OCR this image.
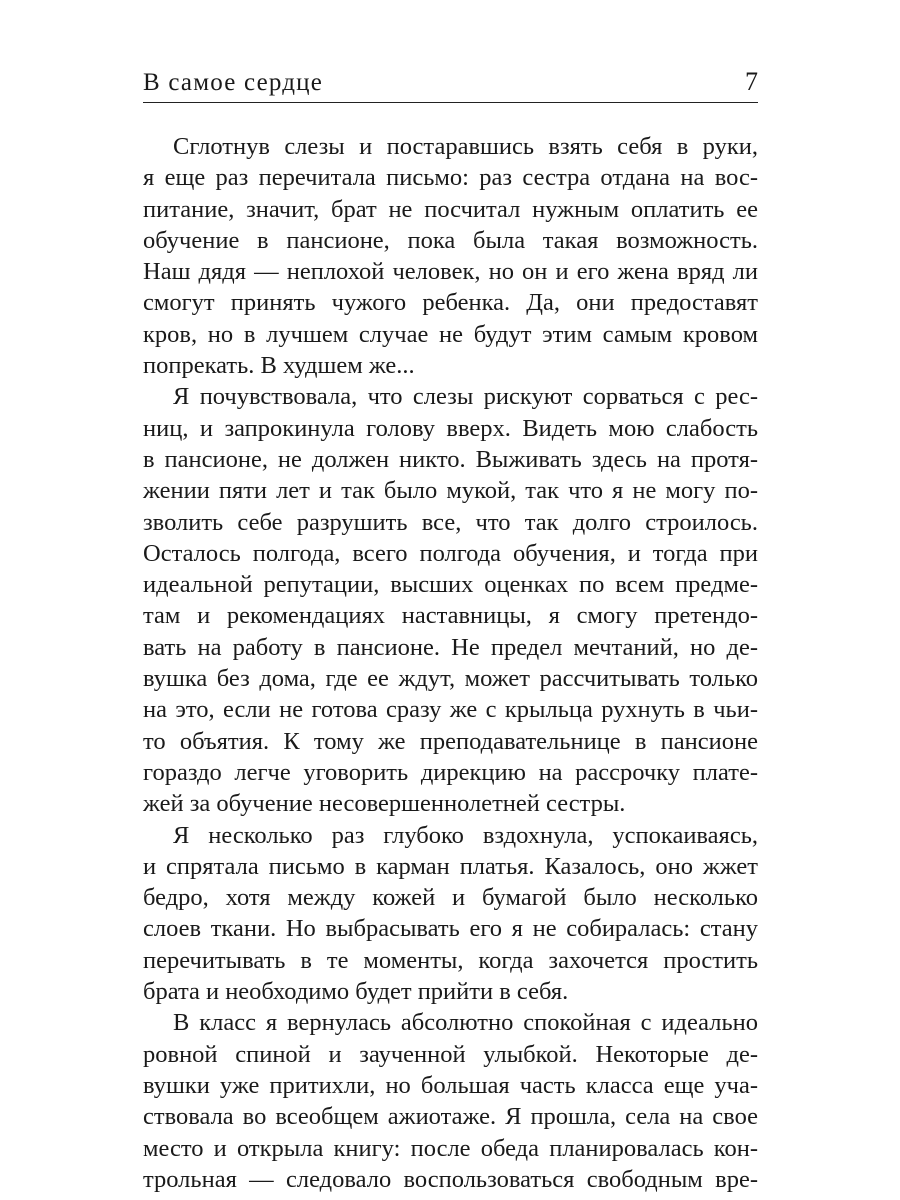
В самое сердце	7
Сглотнув слезы и постаравшись взять себя в руки,
я еще раз перечитала письмо: раз сестра отдана на вос-
питание, значит, брат не посчитал нужным оплатить ее
обучение в пансионе, пока была такая возможность.
Наш дядя — неплохой человек, но он и его жена вряд ли
смогут принять чужого ребенка. Да, они предоставят
кров, но в лучшем случае не будут этим самым кровом
попрекать. В худшем же...
Я почувствовала, что слезы рискуют сорваться с рес-
ниц, и запрокинула голову вверх. Видеть мою слабость
в пансионе, не должен никто. Выживать здесь на протя-
жении пяти лет и так было мукой, так что я не могу по-
зволить себе разрушить все, что так долго строилось.
Осталось полгода, всего полгода обучения, и тогда при
идеальной репутации, высших оценках по всем предме-
там и рекомендациях наставницы, я смогу претендо-
вать на работу в пансионе. Не предел мечтаний, но де-
вушка без дома, где ее ждут, может рассчитывать только
на это, если не готова сразу же с крыльца рухнуть в чьи-
то объятия. К тому же преподавательнице в пансионе
гораздо легче уговорить дирекцию на рассрочку плате-
жей за обучение несовершеннолетней сестры.
Я несколько раз глубоко вздохнула, успокаиваясь,
и спрятала письмо в карман платья. Казалось, оно жжет
бедро, хотя между кожей и бумагой было несколько
слоев ткани. Но выбрасывать его я не собиралась: стану
перечитывать в те моменты, когда захочется простить
брата и необходимо будет прийти в себя.
В класс я вернулась абсолютно спокойная с идеально
ровной спиной и заученной улыбкой. Некоторые де-
вушки уже притихли, но большая часть класса еще уча-
ствовала во всеобщем ажиотаже. Я прошла, села на свое
место и открыла книгу: после обеда планировалась кон-
трольная — следовало воспользоваться свободным вре-
